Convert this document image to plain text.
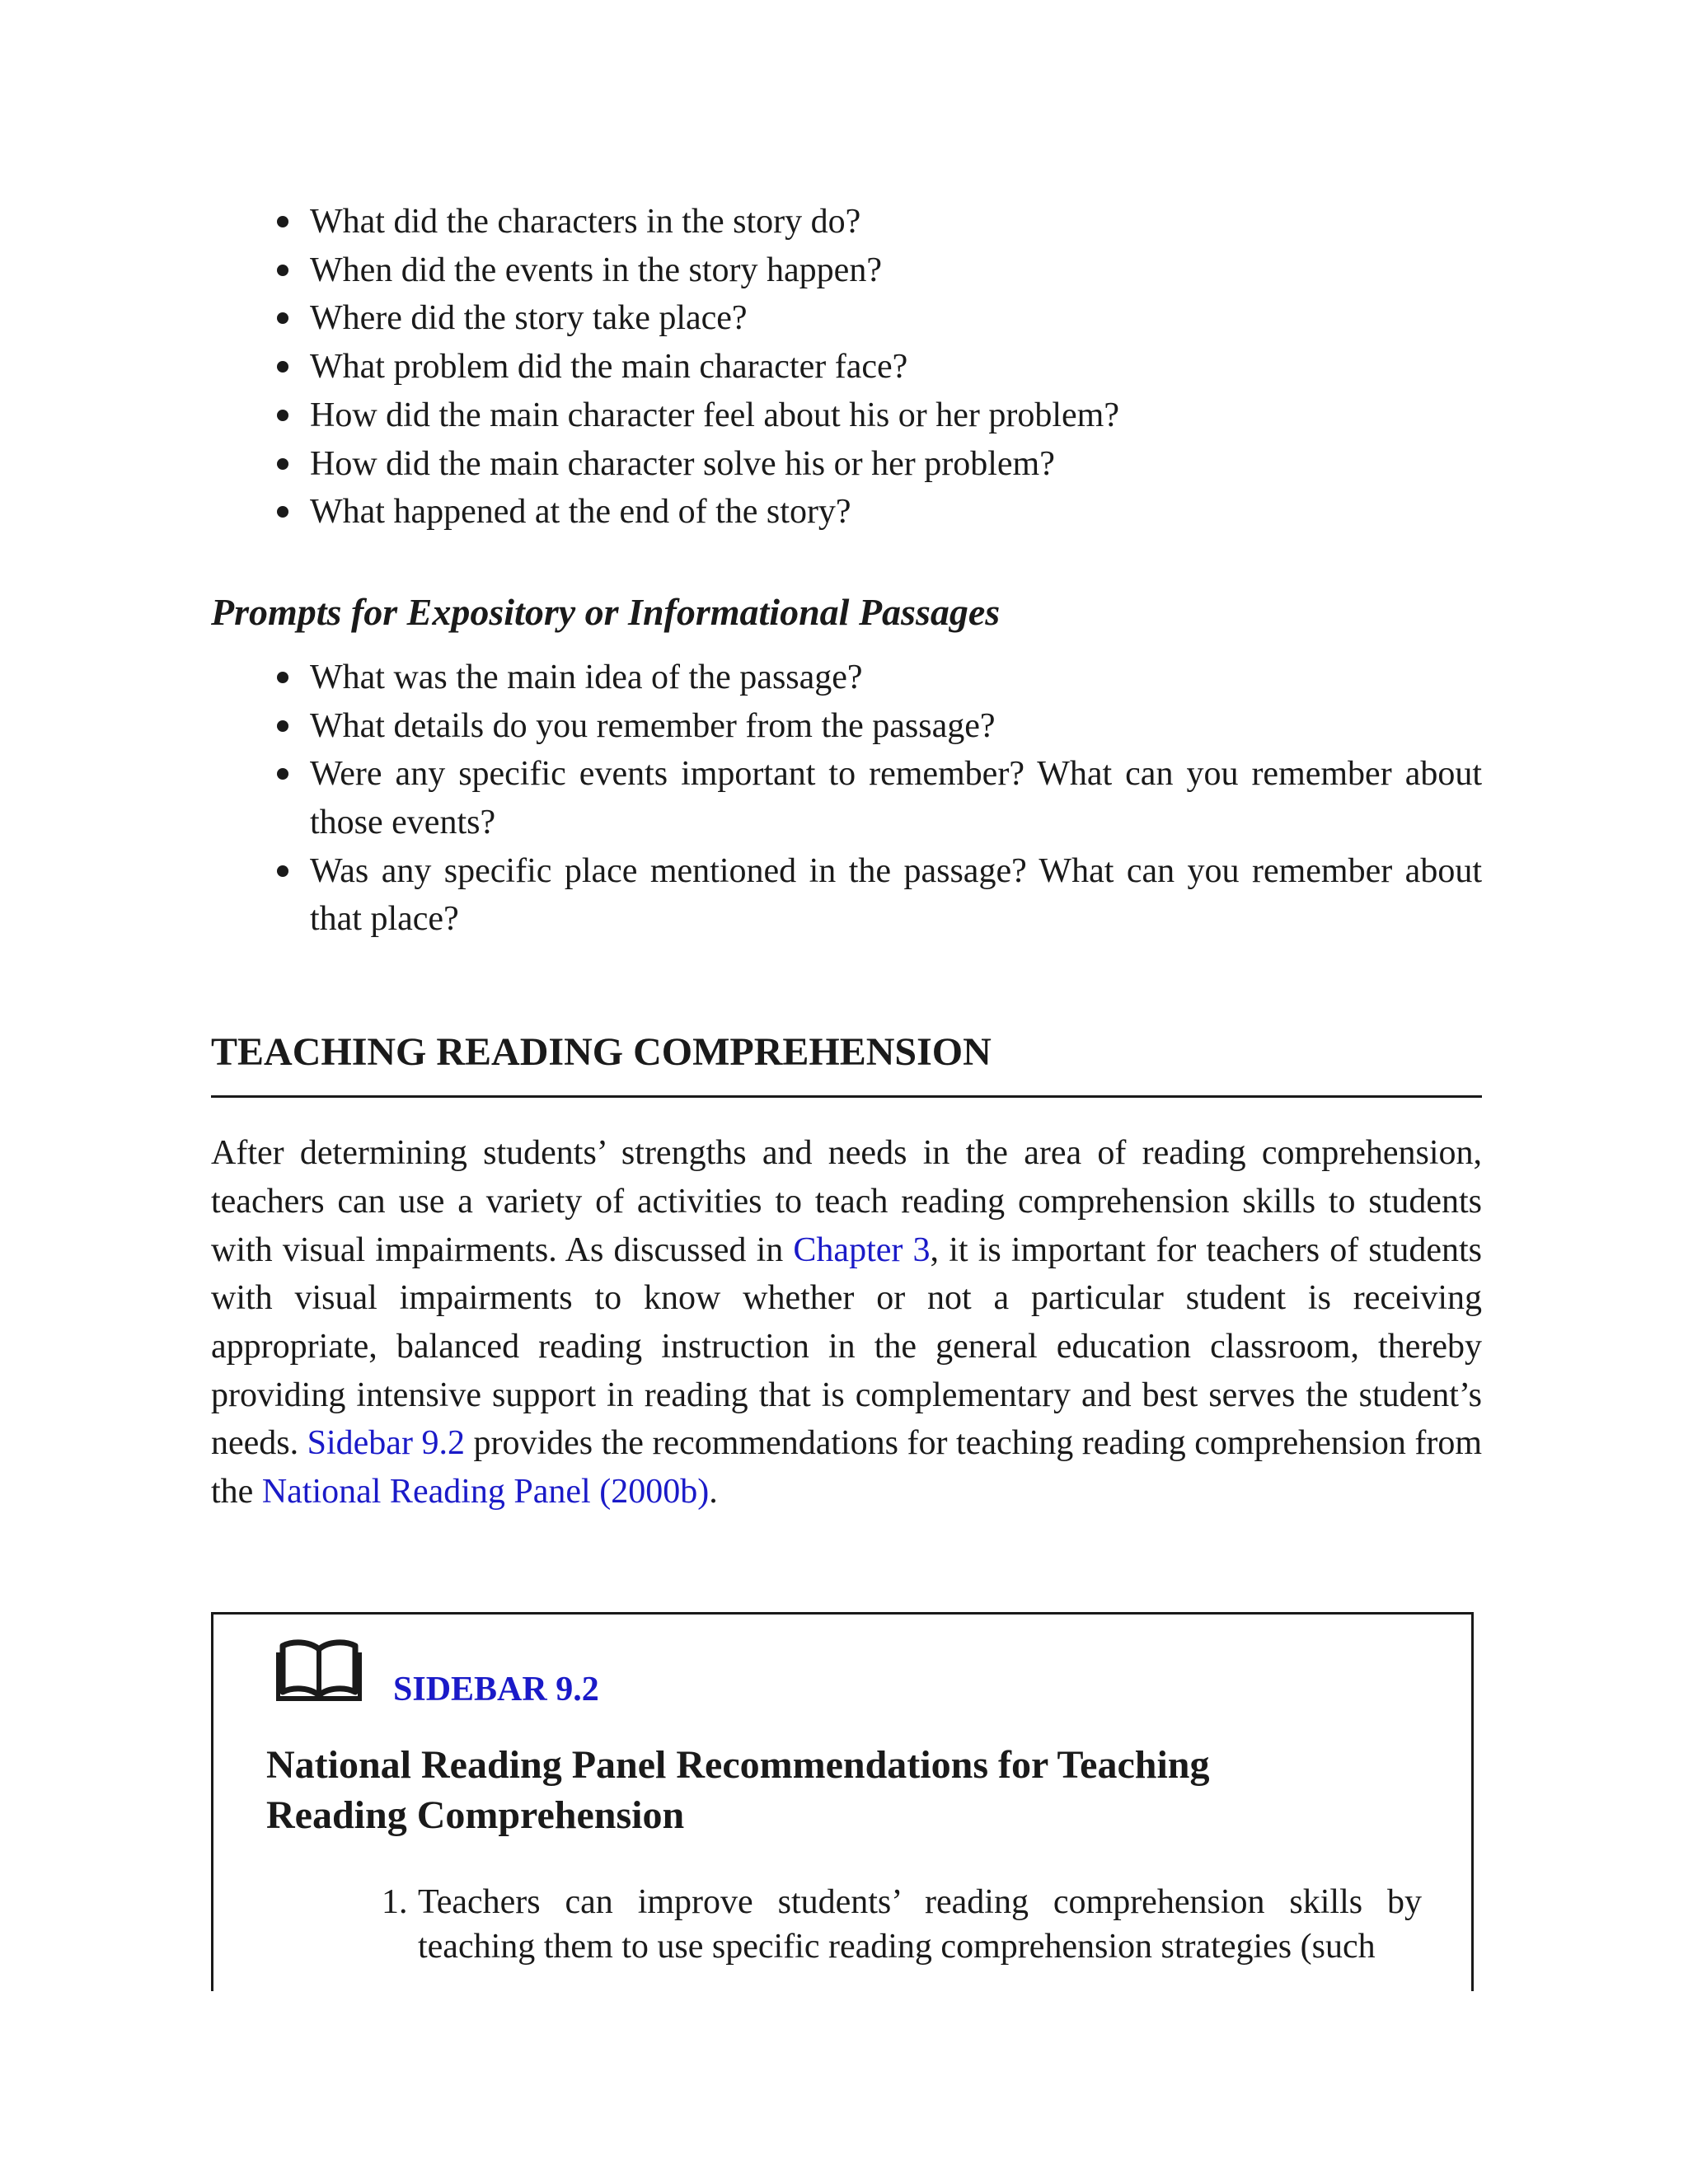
What did the characters in the story do?
When did the events in the story happen?
Where did the story take place?
What problem did the main character face?
How did the main character feel about his or her problem?
How did the main character solve his or her problem?
What happened at the end of the story?
Prompts for Expository or Informational Passages
What was the main idea of the passage?
What details do you remember from the passage?
Were any specific events important to remember? What can you remember about those events?
Was any specific place mentioned in the passage? What can you remember about that place?
TEACHING READING COMPREHENSION

After determining students’ strengths and needs in the area of reading comprehension, teachers can use a variety of activities to teach reading comprehension skills to students with visual impairments. As discussed in Chapter 3, it is important for teachers of students with visual impairments to know whether or not a particular student is receiving appropriate, balanced reading instruction in the general education classroom, thereby providing intensive support in reading that is complementary and best serves the student’s needs. Sidebar 9.2 provides the recommendations for teaching reading comprehension from the National Reading Panel (2000b).

SIDEBAR 9.2
National Reading Panel Recommendations for Teaching Reading Comprehension
1. Teachers can improve students’ reading comprehension skills by teaching them to use specific reading comprehension strategies (such
